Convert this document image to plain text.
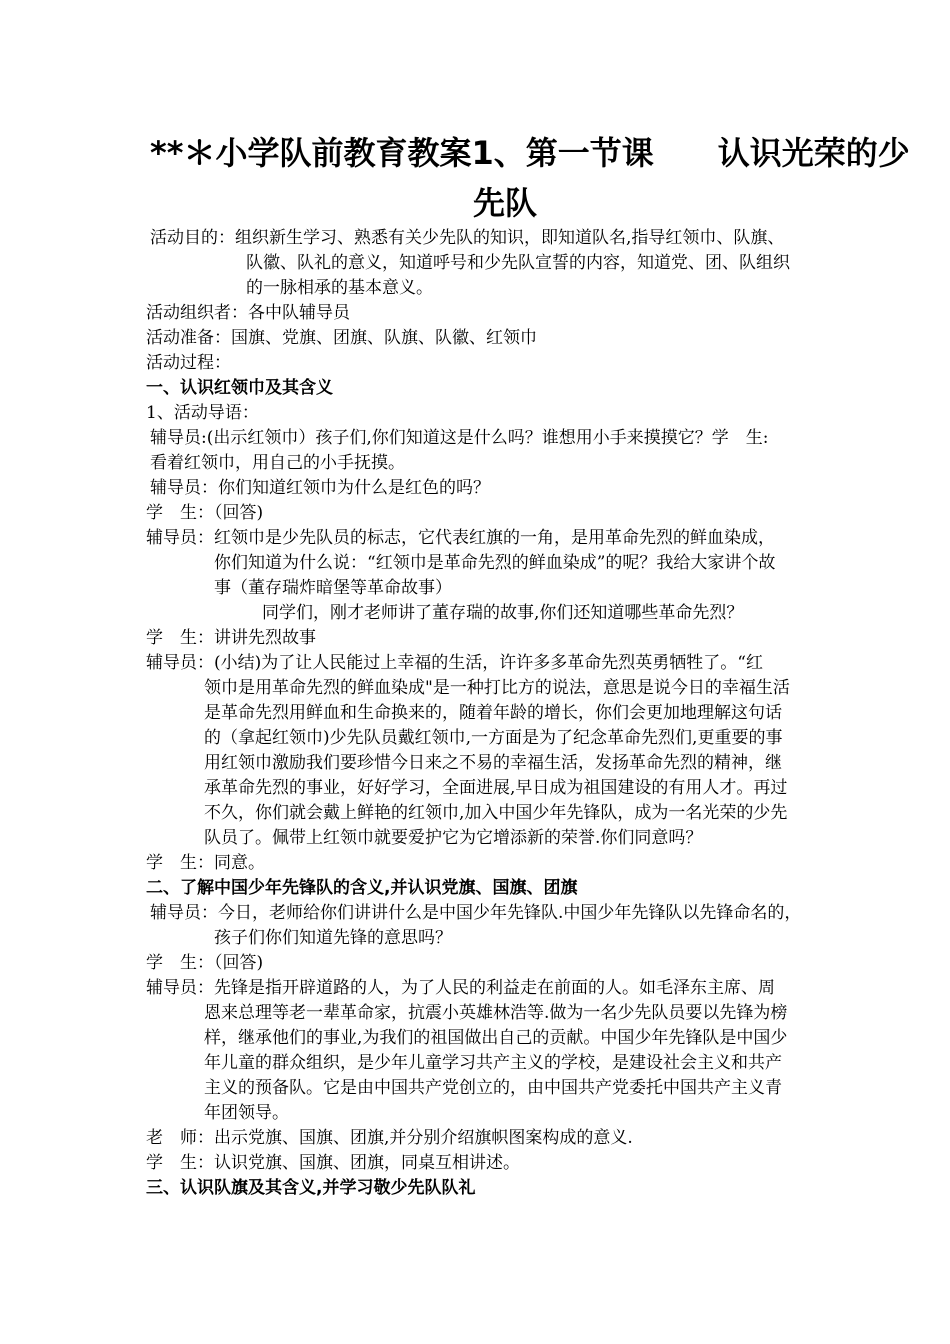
**＊小学队前教育教案1、第一节课　　认识光荣的少
先队
活动目的：组织新生学习、熟悉有关少先队的知识，即知道队名,指导红领巾、队旗、
队徽、队礼的意义，知道呼号和少先队宣誓的内容，知道党、团、队组织
的一脉相承的基本意义。
活动组织者：各中队辅导员
活动准备：国旗、党旗、团旗、队旗、队徽、红领巾
活动过程：
一、认识红领巾及其含义
1、活动导语：
辅导员:(出示红领巾）孩子们,你们知道这是什么吗？谁想用小手来摸摸它？学　生:
看着红领巾，用自己的小手抚摸。
辅导员：你们知道红领巾为什么是红色的吗？
学　生：（回答)
辅导员：红领巾是少先队员的标志，它代表红旗的一角，是用革命先烈的鲜血染成，
你们知道为什么说：“红领巾是革命先烈的鲜血染成”的呢？我给大家讲个故
事（董存瑞炸暗堡等革命故事）
同学们，刚才老师讲了董存瑞的故事,你们还知道哪些革命先烈？
学　生：讲讲先烈故事
辅导员：(小结)为了让人民能过上幸福的生活，许许多多革命先烈英勇牺牲了。“红
领巾是用革命先烈的鲜血染成"是一种打比方的说法，意思是说今日的幸福生活
是革命先烈用鲜血和生命换来的，随着年龄的增长，你们会更加地理解这句话
的（拿起红领巾)少先队员戴红领巾,一方面是为了纪念革命先烈们,更重要的事
用红领巾激励我们要珍惜今日来之不易的幸福生活，发扬革命先烈的精神，继
承革命先烈的事业，好好学习，全面进展,早日成为祖国建设的有用人才。再过
不久，你们就会戴上鲜艳的红领巾,加入中国少年先锋队，成为一名光荣的少先
队员了。佩带上红领巾就要爱护它为它增添新的荣誉.你们同意吗？
学　生：同意。
二、了解中国少年先锋队的含义,并认识党旗、国旗、团旗
辅导员：今日，老师给你们讲讲什么是中国少年先锋队.中国少年先锋队以先锋命名的，
孩子们你们知道先锋的意思吗？
学　生：（回答)
辅导员：先锋是指开辟道路的人，为了人民的利益走在前面的人。如毛泽东主席、周
恩来总理等老一辈革命家，抗震小英雄林浩等.做为一名少先队员要以先锋为榜
样，继承他们的事业,为我们的祖国做出自己的贡献。中国少年先锋队是中国少
年儿童的群众组织，是少年儿童学习共产主义的学校，是建设社会主义和共产
主义的预备队。它是由中国共产党创立的，由中国共产党委托中国共产主义青
年团领导。
老　师：出示党旗、国旗、团旗,并分别介绍旗帜图案构成的意义.
学　生：认识党旗、国旗、团旗，同桌互相讲述。
三、认识队旗及其含义,并学习敬少先队队礼
